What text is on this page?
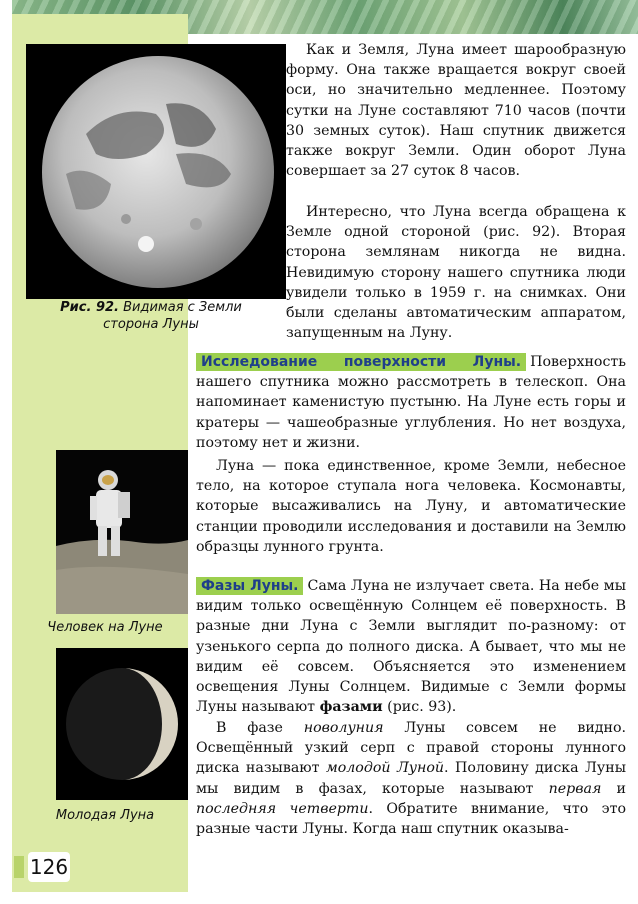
Рис. 92. Видимая с Земли сторона Луны
Человек на Луне
Молодая Луна
126

Как и Земля, Луна имеет шарообразную форму. Она также вращается вокруг своей оси, но значительно медленнее. Поэтому сутки на Луне составляют 710 часов (почти 30 земных суток). Наш спутник движется также вокруг Земли. Один оборот Луна совершает за 27 суток 8 часов.

Интересно, что Луна всегда обращена к Земле одной стороной (рис. 92). Вторая сторона землянам никогда не видна. Невидимую сторону нашего спутника люди увидели только в 1959 г. на снимках. Они были сделаны автоматическим аппаратом, запущенным на Луну.

Исследование поверхности Луны. Поверхность нашего спутника можно рассмотреть в телескоп. Она напоминает каменистую пустыню. На Луне есть горы и кратеры — чашеобразные углубления. Но нет воздуха, поэтому нет и жизни.

Луна — пока единственное, кроме Земли, небесное тело, на которое ступала нога человека. Космонавты, которые высаживались на Луну, и автоматические станции проводили исследования и доставили на Землю образцы лунного грунта.

Фазы Луны. Сама Луна не излучает света. На небе мы видим только освещённую Солнцем её поверхность. В разные дни Луна с Земли выглядит по-разному: от узенького серпа до полного диска. А бывает, что мы не видим её совсем. Объясняется это изменением освещения Луны Солнцем. Видимые с Земли формы Луны называют фазами (рис. 93).

В фазе новолуния Луны совсем не видно. Освещённый узкий серп с правой стороны лунного диска называют молодой Луной. Половину диска Луны мы видим в фазах, которые называют первая и последняя четверти. Обратите внимание, что это разные части Луны. Когда наш спутник оказыва-
